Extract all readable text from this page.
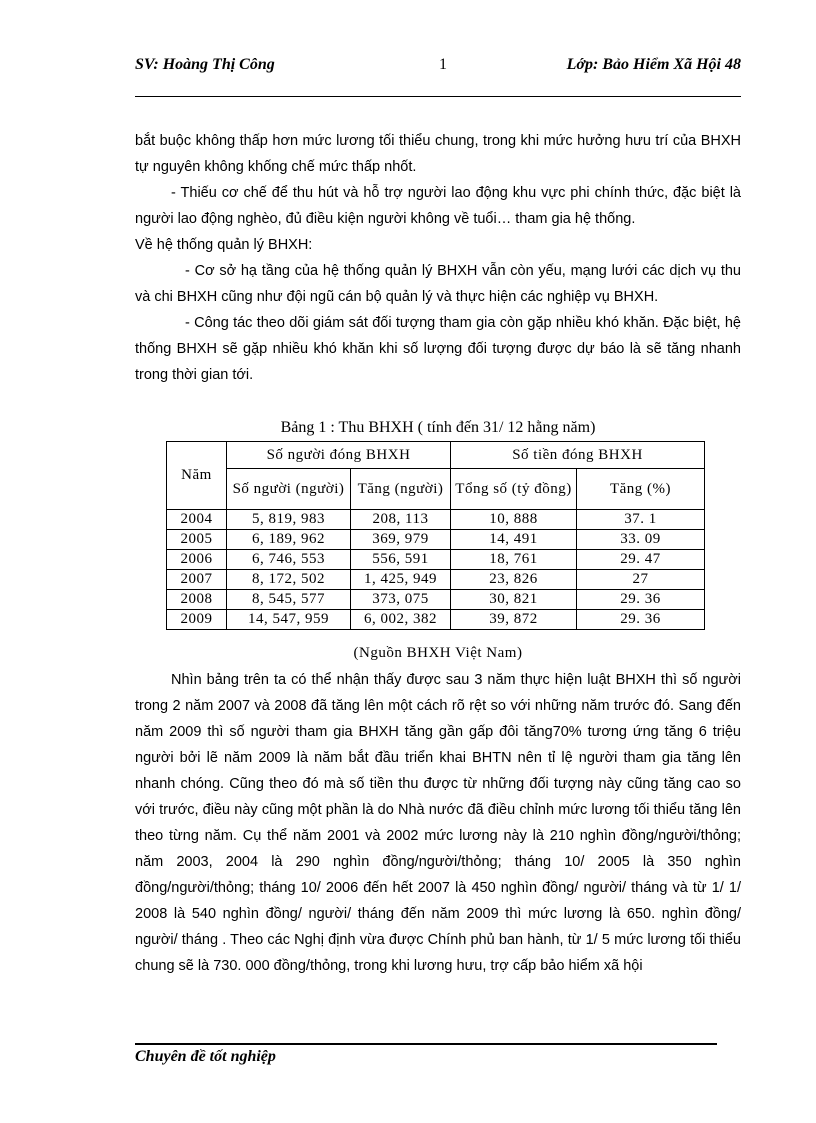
SV: Hoàng Thị Công	1	Lớp: Bảo Hiểm Xã Hội 48

bắt buộc không thấp hơn mức lương tối thiểu chung, trong khi mức hưởng hưu trí của BHXH tự nguyên không khống chế mức thấp nhốt.

- Thiếu cơ chế để thu hút và hỗ trợ người lao động khu vực phi chính thức, đặc biệt là người lao động nghèo, đủ điều kiện người không về tuổi… tham gia hệ thống.

Về hệ thống quản lý BHXH:

- Cơ sở hạ tầng của hệ thống quản lý BHXH vẫn còn yếu, mạng lưới các dịch vụ thu và chi BHXH cũng như đội ngũ cán bộ quản lý và thực hiện các nghiệp vụ BHXH.

- Công tác theo dõi giám sát đối tượng tham gia còn gặp nhiều khó khăn. Đặc biệt, hệ thống BHXH sẽ gặp nhiều khó khăn khi số lượng đối tượng được dự báo là sẽ tăng nhanh trong thời gian tới.

Bảng 1 : Thu BHXH ( tính đến 31/ 12 hằng năm)
Năm	Số người đóng BHXH		Số tiền đóng BHXH	
	Số người (người)	Tăng (người)	Tổng số (tỷ đồng)	Tăng (%)
2004	5, 819, 983	208, 113	10, 888	37. 1
2005	6, 189, 962	369, 979	14, 491	33. 09
2006	6, 746, 553	556, 591	18, 761	29. 47
2007	8, 172, 502	1, 425, 949	23, 826	27
2008	8, 545, 577	373, 075	30, 821	29. 36
2009	14, 547, 959	6, 002, 382	39, 872	29. 36
(Nguồn BHXH Việt Nam)

Nhìn bảng trên ta có thể nhận thấy được sau 3 năm thực hiện luật BHXH thì số người trong 2 năm 2007 và 2008 đã tăng lên một cách rõ rệt so với những năm trước đó. Sang đến năm 2009 thì số người tham gia BHXH tăng gần gấp đôi tăng70% tương ứng tăng 6 triệu người bởi lẽ năm 2009 là năm bắt đầu triển khai BHTN nên tỉ lệ người tham gia tăng lên nhanh chóng. Cũng theo đó mà số tiền thu được từ những đối tượng này cũng tăng cao so với trước, điều này cũng một phần là do Nhà nước đã điều chỉnh mức lương tối thiểu tăng lên theo từng năm. Cụ thể năm 2001 và 2002 mức lương này là 210 nghìn đồng/người/thỏng; năm 2003, 2004 là 290 nghìn đồng/người/thỏng; tháng 10/ 2005 là 350 nghìn đồng/người/thỏng; tháng 10/ 2006 đến hết 2007 là 450 nghìn đồng/ người/ tháng và từ 1/ 1/ 2008 là 540 nghìn đồng/ người/ tháng đến năm 2009 thì mức lương là 650. nghìn đồng/ người/ tháng . Theo các Nghị định vừa được Chính phủ ban hành, từ 1/ 5 mức lương tối thiểu chung sẽ là 730. 000 đồng/thỏng, trong khi lương hưu, trợ cấp bảo hiểm xã hội

Chuyên đề tốt nghiệp
